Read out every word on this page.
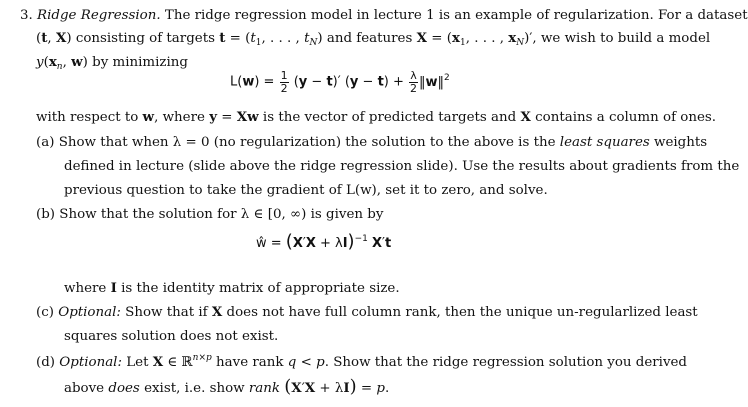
3. Ridge Regression. The ridge regression model in lecture 1 is an example of regularization. For a dataset
(t, X) consisting of targets $t = (t_1$, . . . , $t_N$) and features $X = (x_1$, . . . , $x_N)'$, we wish to build a model
$y(x_n$, w) by minimizing
$L(w) = \frac{1}{2} (y - t)'$ $(y - t) + \frac{\lambda}{2}$ ‖w‖$^2$
with respect to w, where y = Xw is the vector of predicted targets and X contains a column of ones.
(a) Show that when λ = 0 (no regularization) the solution to the above is the least squares weights
defined in lecture (slide above the ridge regression slide). Use the results about gradients from the
previous question to take the gradient of L(w), set it to zero, and solve.
(b) Show that the solution for λ ∈ [0, ∞) is given by
ŵ = $(X'X + \lambda I)^{-1}$ X′t
where I is the identity matrix of appropriate size.
(c) Optional: Show that if X does not have full column rank, then the unique un-regularlized least
squares solution does not exist.
(d) Optional: Let X ∈ ℝ$^{n\times p}$ have rank q < p. Show that the ridge regression solution you derived
above does exist, i.e. show rank (X′X + λI) = p.
